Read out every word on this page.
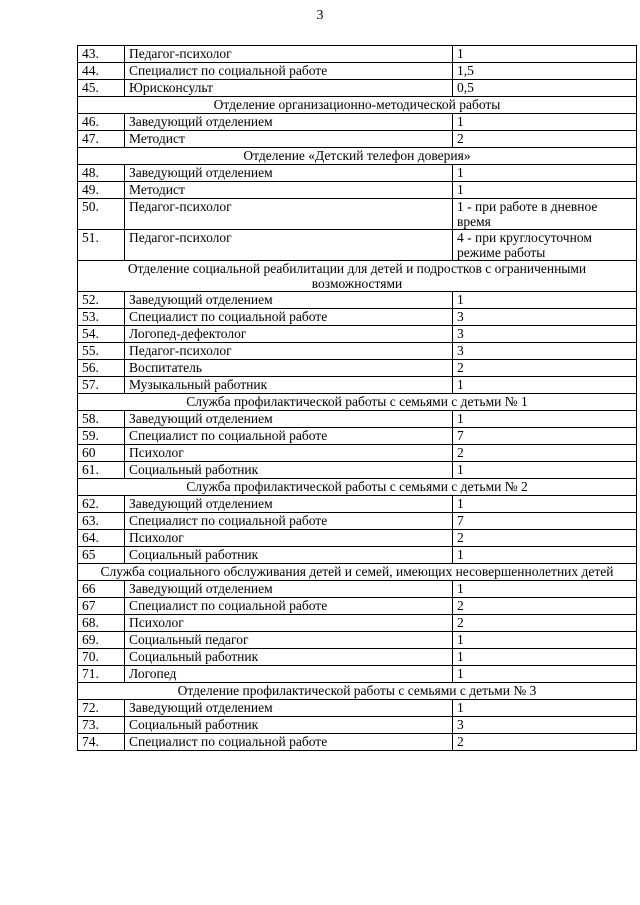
3
43.	Педагог-психолог	1
44.	Специалист по социальной работе	1,5
45.	Юрисконсульт	0,5
Отделение организационно-методической работы		
46.	Заведующий отделением	1
47.	Методист	2
Отделение «Детский телефон доверия»		
48.	Заведующий отделением	1
49.	Методист	1
50.	Педагог-психолог	1 - при работе в дневное время
51.	Педагог-психолог	4 - при круглосуточном режиме работы
Отделение социальной реабилитации для детей и подростков с ограниченными возможностями		
52.	Заведующий отделением	1
53.	Специалист по социальной работе	3
54.	Логопед-дефектолог	3
55.	Педагог-психолог	3
56.	Воспитатель	2
57.	Музыкальный работник	1
Служба профилактической работы с семьями с детьми № 1		
58.	Заведующий отделением	1
59.	Специалист по социальной работе	7
60	Психолог	2
61.	Социальный работник	1
Служба профилактической работы с семьями с детьми № 2		
62.	Заведующий отделением	1
63.	Специалист по социальной работе	7
64.	Психолог	2
65	Социальный работник	1
Служба социального обслуживания детей и семей, имеющих несовершеннолетних детей		
66	Заведующий отделением	1
67	Специалист по социальной работе	2
68.	Психолог	2
69.	Социальный педагог	1
70.	Социальный работник	1
71.	Логопед	1
Отделение профилактической работы с семьями с детьми № 3		
72.	Заведующий отделением	1
73.	Социальный работник	3
74.	Специалист по социальной работе	2
